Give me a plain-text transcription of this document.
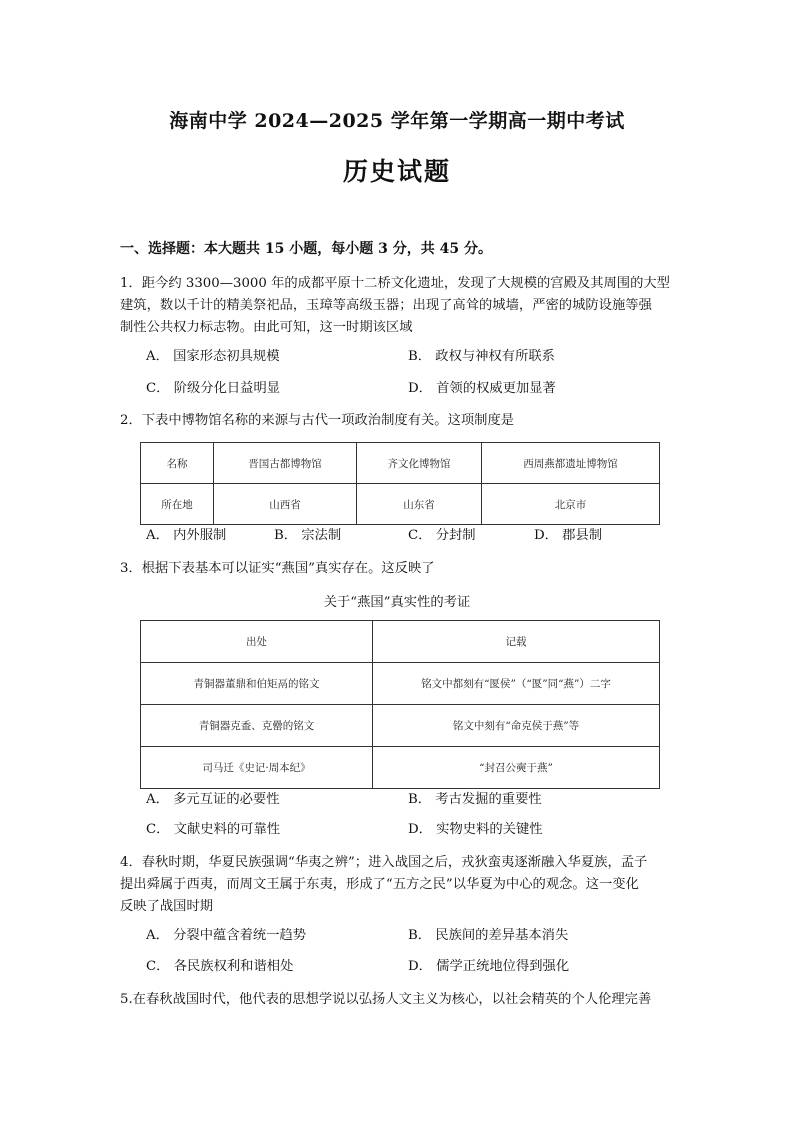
海南中学 2024—2025 学年第一学期高一期中考试
历史试题
一、选择题：本大题共 15 小题，每小题 3 分，共 45 分。
1．距今约 3300—3000 年的成都平原十二桥文化遗址，发现了大规模的宫殿及其周围的大型
建筑，数以千计的精美祭祀品，玉璋等高级玉器；出现了高耸的城墙，严密的城防设施等强
制性公共权力标志物。由此可知，这一时期该区域
A． 国家形态初具规模	B． 政权与神权有所联系
C． 阶级分化日益明显	D． 首领的权威更加显著
2．下表中博物馆名称的来源与古代一项政治制度有关。这项制度是
名称	晋国古都博物馆	齐文化博物馆	西周燕都遗址博物馆
所在地	山西省	山东省	北京市
A． 内外服制	B． 宗法制	C． 分封制	D． 郡县制
3．根据下表基本可以证实“燕国”真实存在。这反映了
关于“燕国”真实性的考证
出处	记载
青铜器董鼎和伯矩鬲的铭文	铭文中都刻有“匽侯”（“匽”同“燕”）二字
青铜器克盉、克罍的铭文	铭文中刻有“命克侯于燕”等
司马迁《史记·周本纪》	“封召公奭于燕”
A． 多元互证的必要性	B． 考古发掘的重要性
C． 文献史料的可靠性	D． 实物史料的关键性
4．春秋时期，华夏民族强调“华夷之辨”；进入战国之后，戎狄蛮夷逐渐融入华夏族，孟子
提出舜属于西夷，而周文王属于东夷，形成了“五方之民”以华夏为中心的观念。这一变化
反映了战国时期
A． 分裂中蕴含着统一趋势	B． 民族间的差异基本消失
C． 各民族权利和谐相处	D． 儒学正统地位得到强化
5.在春秋战国时代，他代表的思想学说以弘扬人文主义为核心，以社会精英的个人伦理完善
